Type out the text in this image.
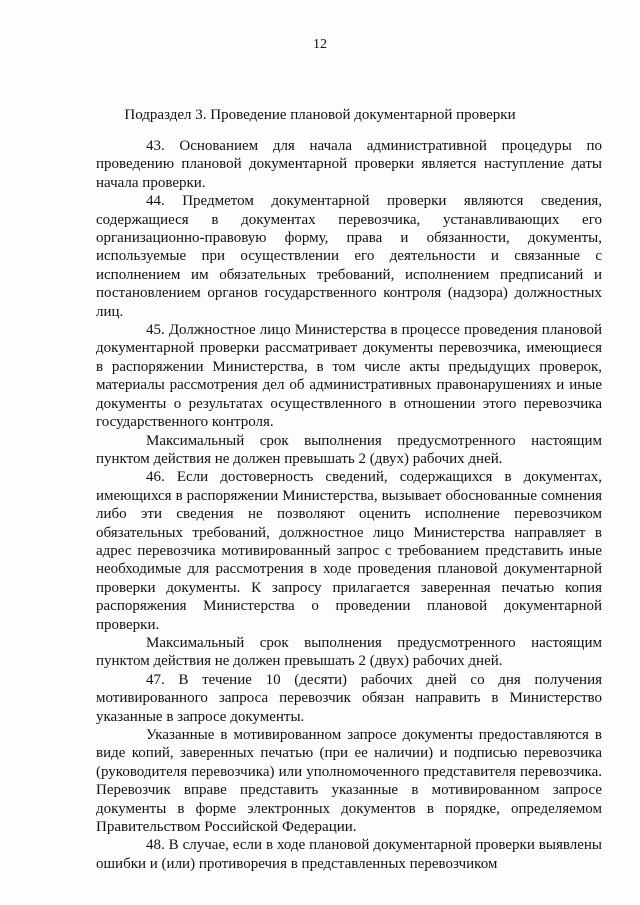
12
Подраздел 3. Проведение плановой документарной проверки

43. Основанием для начала административной процедуры по проведению плановой документарной проверки является наступление даты начала проверки.

44. Предметом документарной проверки являются сведения, содержащиеся в документах перевозчика, устанавливающих его организационно-правовую форму, права и обязанности, документы, используемые при осуществлении его деятельности и связанные с исполнением им обязательных требований, исполнением предписаний и постановлением органов государственного контроля (надзора) должностных лиц.

45. Должностное лицо Министерства в процессе проведения плановой документарной проверки рассматривает документы перевозчика, имеющиеся в распоряжении Министерства, в том числе акты предыдущих проверок, материалы рассмотрения дел об административных правонарушениях и иные документы о результатах осуществленного в отношении этого перевозчика государственного контроля.

Максимальный срок выполнения предусмотренного настоящим пунктом действия не должен превышать 2 (двух) рабочих дней.

46. Если достоверность сведений, содержащихся в документах, имеющихся в распоряжении Министерства, вызывает обоснованные сомнения либо эти сведения не позволяют оценить исполнение перевозчиком обязательных требований, должностное лицо Министерства направляет в адрес перевозчика мотивированный запрос с требованием представить иные необходимые для рассмотрения в ходе проведения плановой документарной проверки документы. К запросу прилагается заверенная печатью копия распоряжения Министерства о проведении плановой документарной проверки.

Максимальный срок выполнения предусмотренного настоящим пунктом действия не должен превышать 2 (двух) рабочих дней.

47. В течение 10 (десяти) рабочих дней со дня получения мотивированного запроса перевозчик обязан направить в Министерство указанные в запросе документы.

Указанные в мотивированном запросе документы предоставляются в виде копий, заверенных печатью (при ее наличии) и подписью перевозчика (руководителя перевозчика) или уполномоченного представителя перевозчика. Перевозчик вправе представить указанные в мотивированном запросе документы в форме электронных документов в порядке, определяемом Правительством Российской Федерации.

48. В случае, если в ходе плановой документарной проверки выявлены ошибки и (или) противоречия в представленных перевозчиком
